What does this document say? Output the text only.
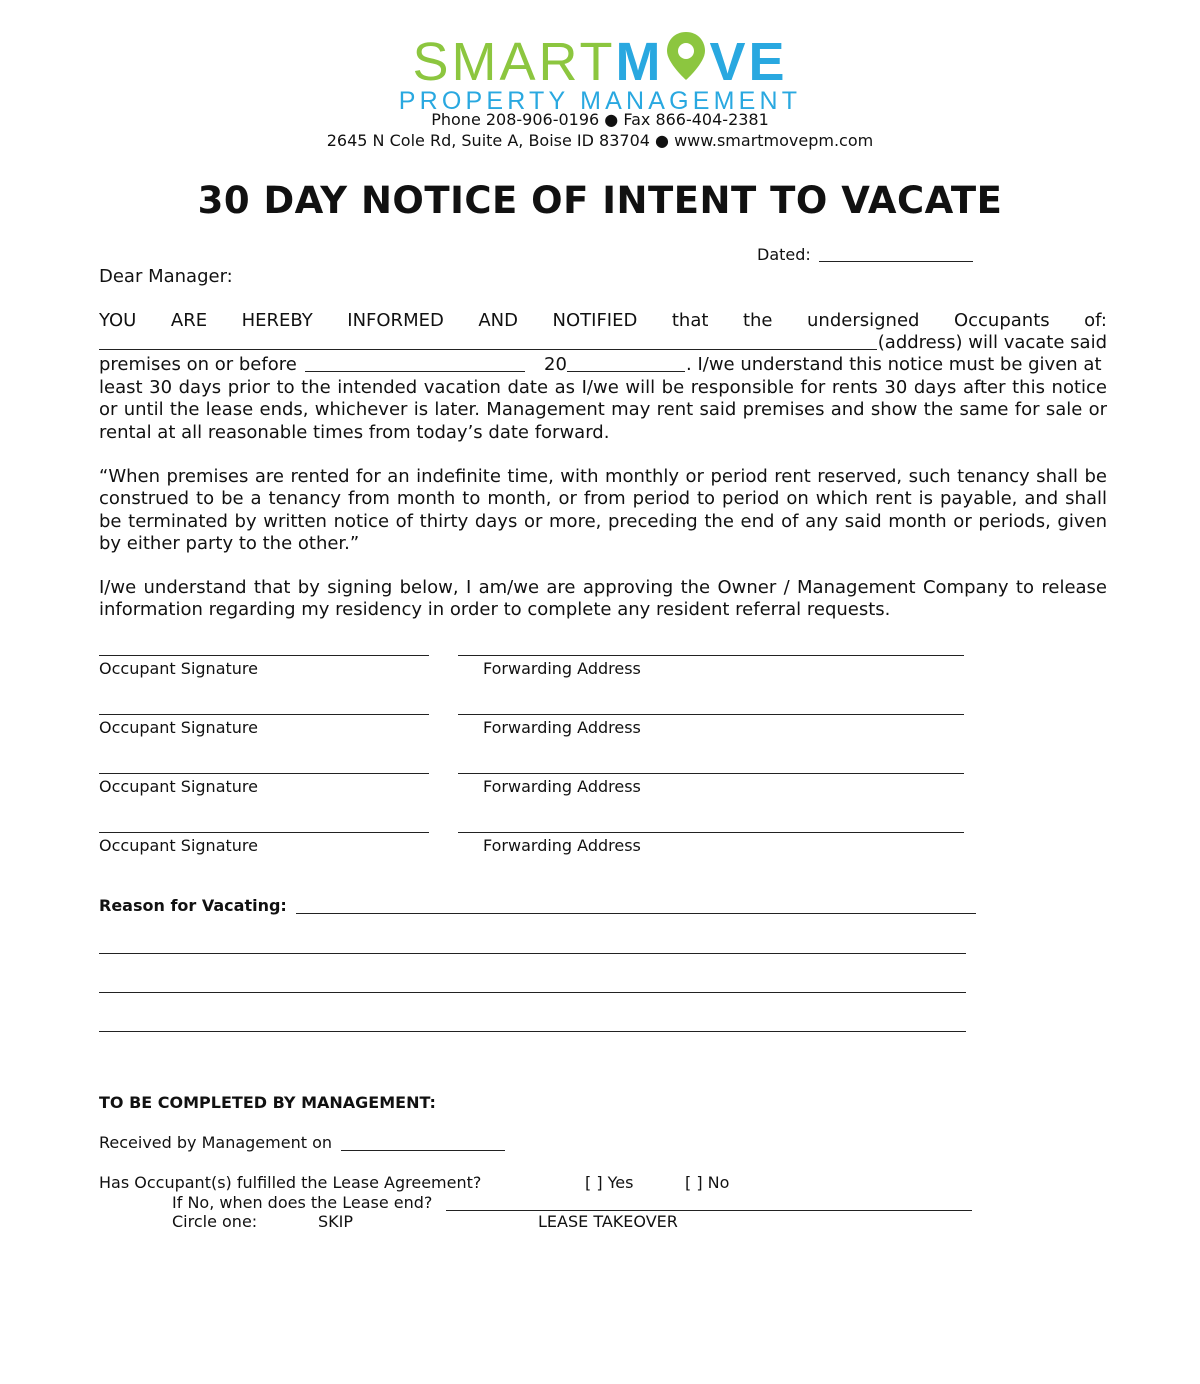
SMARTM VE
PROPERTY MANAGEMENT
Phone 208-906-0196 ● Fax 866-404-2381
2645 N Cole Rd, Suite A, Boise ID 83704 ● www.smartmovepm.com
30 DAY NOTICE OF INTENT TO VACATE
Dated:
Dear Manager:
YOU ARE HEREBY INFORMED AND NOTIFIED that the undersigned Occupants of:
(address) will vacate said
premises on or before	20	. I/we understand this notice must be given at
least 30 days prior to the intended vacation date as I/we will be responsible for rents 30 days after this notice or until the lease ends, whichever is later. Management may rent said premises and show the same for sale or rental at all reasonable times from today’s date forward.
“When premises are rented for an indefinite time, with monthly or period rent reserved, such tenancy shall be construed to be a tenancy from month to month, or from period to period on which rent is payable, and shall be terminated by written notice of thirty days or more, preceding the end of any said month or periods, given by either party to the other.”
I/we understand that by signing below, I am/we are approving the Owner / Management Company to release information regarding my residency in order to complete any resident referral requests.
Occupant Signature	Forwarding Address
Occupant Signature	Forwarding Address
Occupant Signature	Forwarding Address
Occupant Signature	Forwarding Address
Reason for Vacating:
TO BE COMPLETED BY MANAGEMENT:
Received by Management on
Has Occupant(s) fulfilled the Lease Agreement?	[ ] Yes	[ ] No
If No, when does the Lease end?
Circle one:	SKIP	LEASE TAKEOVER
